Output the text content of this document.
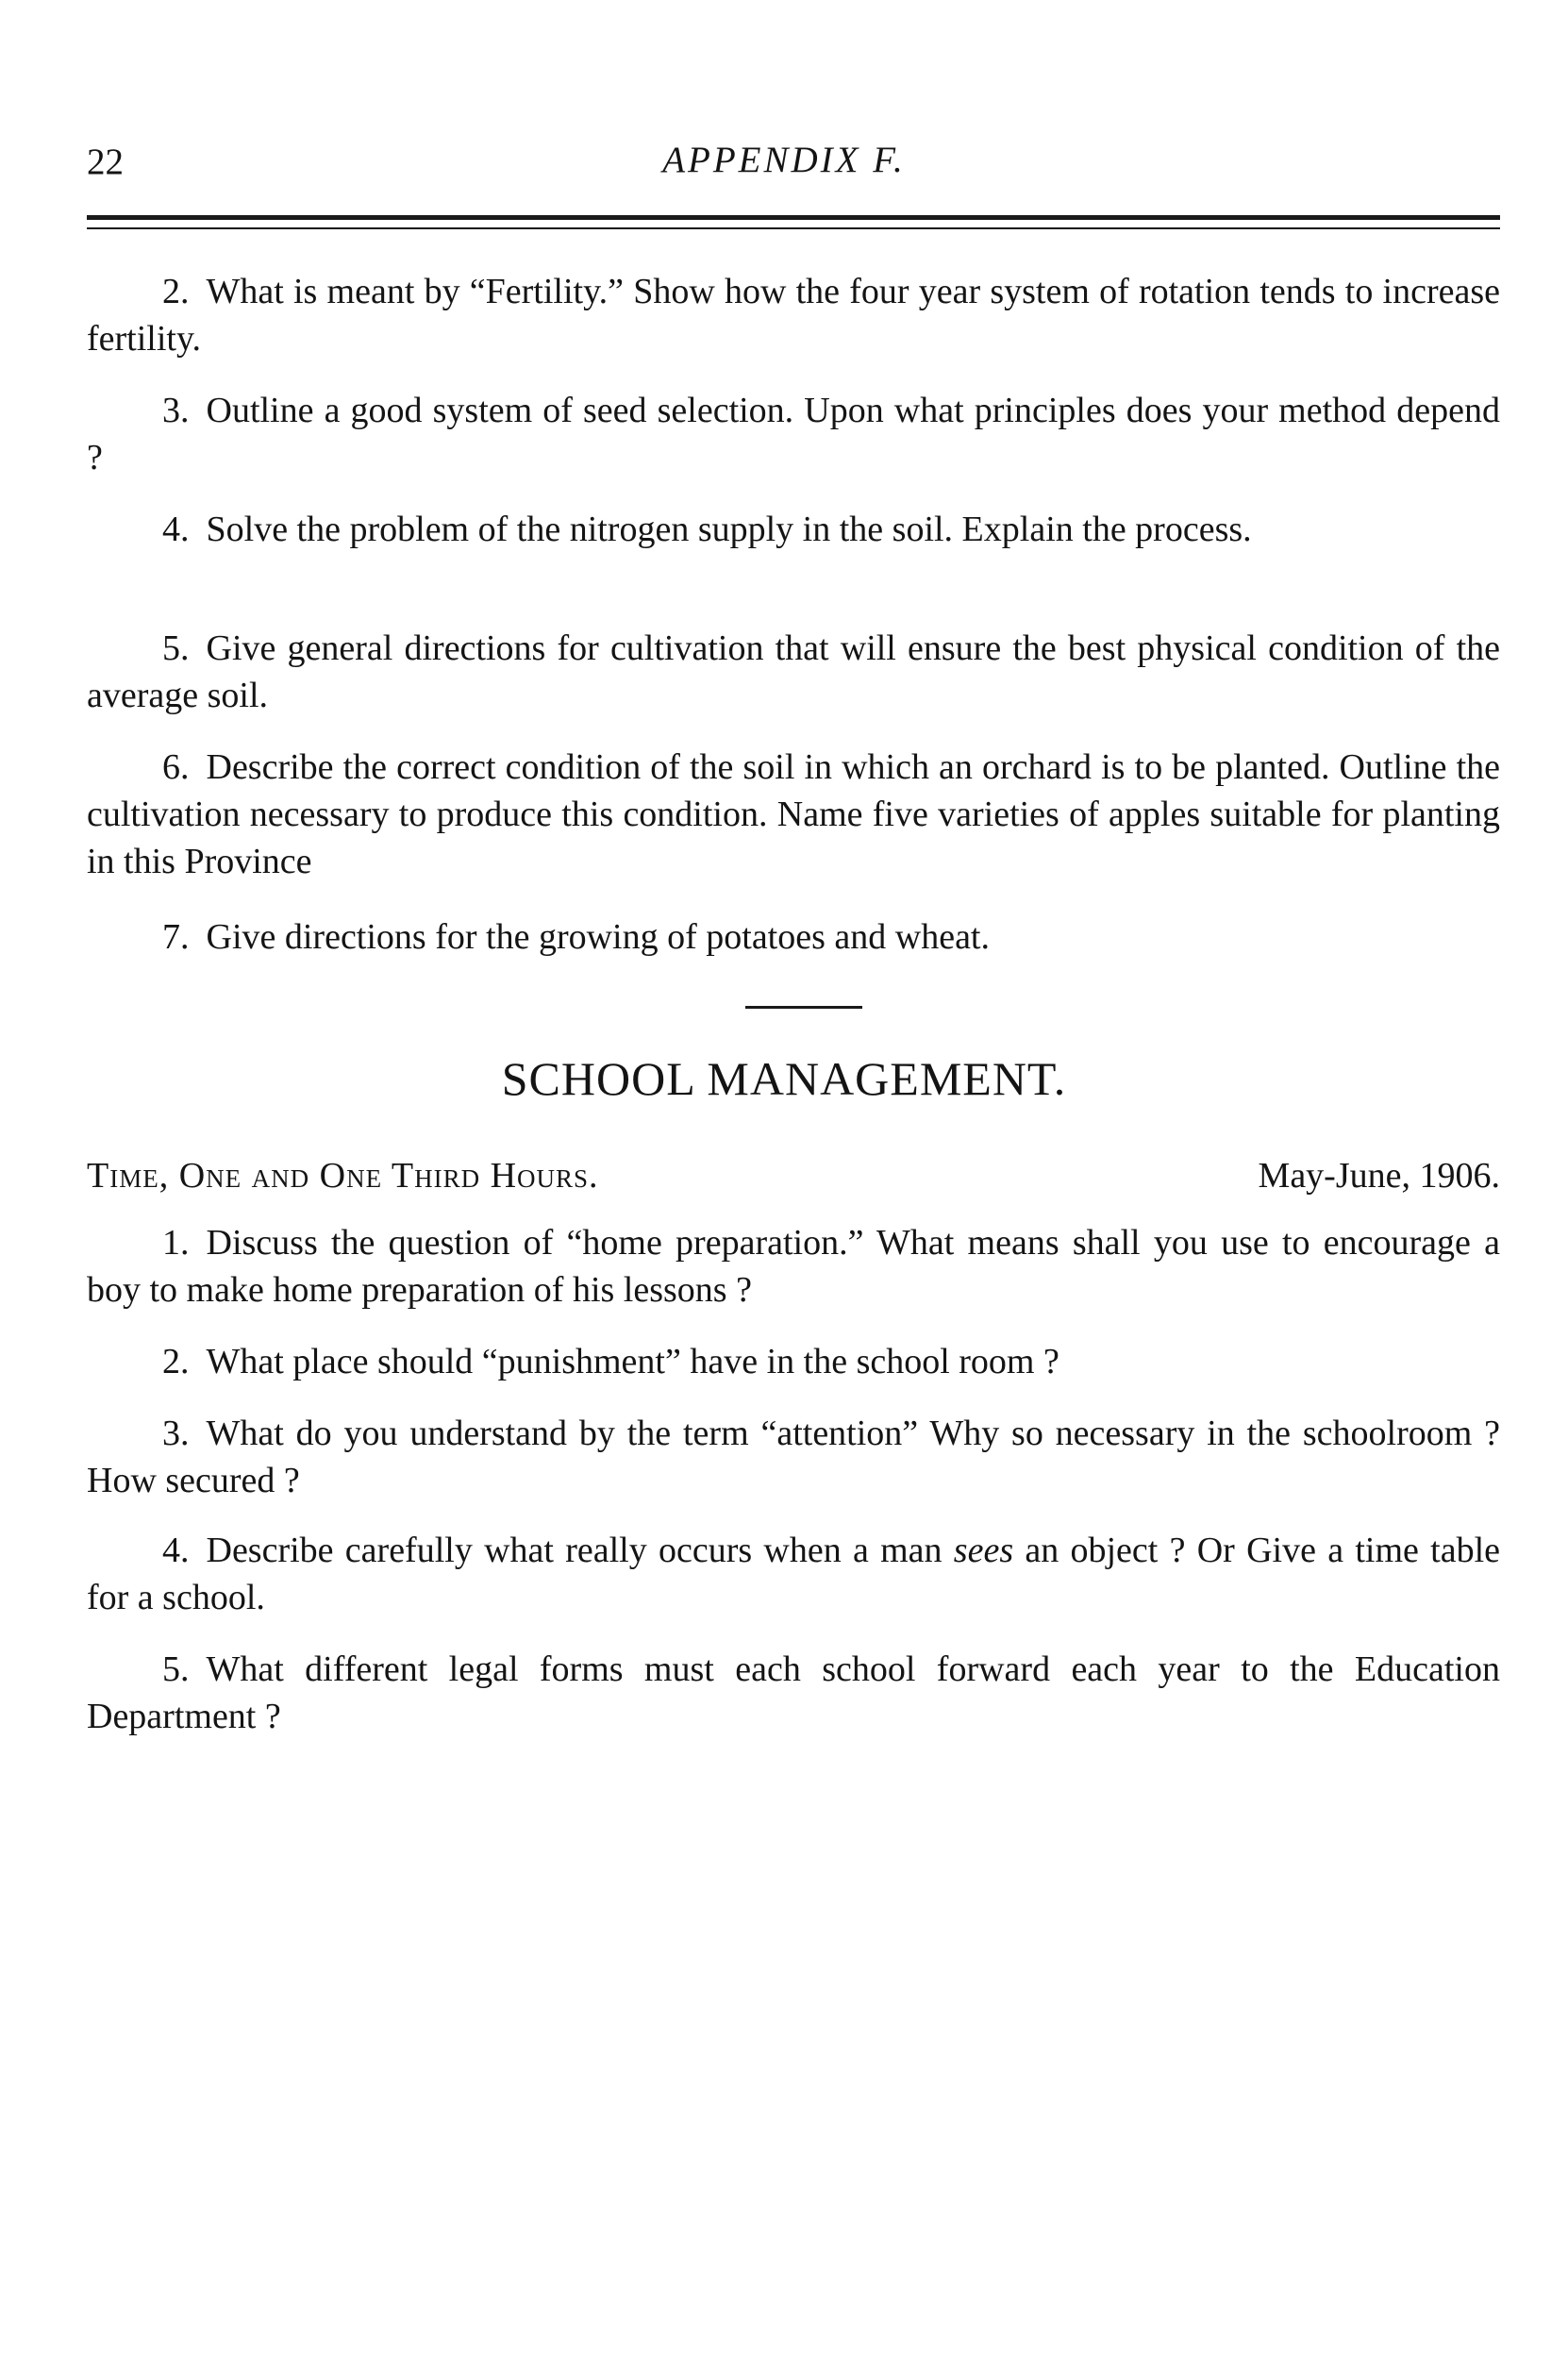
22	APPENDIX F.

2. What is meant by “Fertility.” Show how the four year system of rotation tends to increase fertility.

3. Outline a good system of seed selection. Upon what principles does your method depend ?

4. Solve the problem of the nitrogen supply in the soil. Explain the process.

5. Give general directions for cultivation that will ensure the best physical condition of the average soil.

6. Describe the correct condition of the soil in which an orchard is to be planted. Outline the cultivation necessary to produce this condition. Name five varieties of apples suitable for planting in this Province

7. Give directions for the growing of potatoes and wheat.

SCHOOL MANAGEMENT.
Time, One and One Third Hours.	May-June, 1906.

1. Discuss the question of “home preparation.” What means shall you use to encourage a boy to make home preparation of his lessons ?

2. What place should “punishment” have in the school room ?

3. What do you understand by the term “attention” Why so necessary in the schoolroom ? How secured ?

4. Describe carefully what really occurs when a man sees an object ? Or Give a time table for a school.

5. What different legal forms must each school forward each year to the Education Department ?
